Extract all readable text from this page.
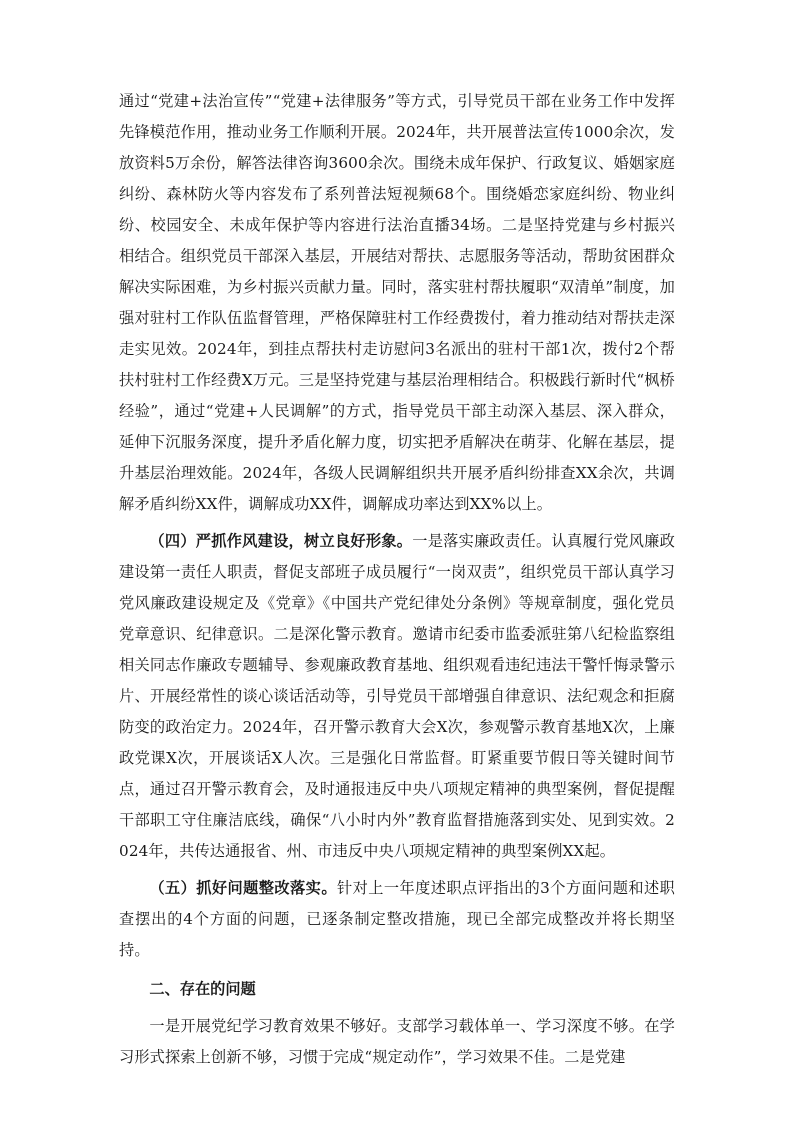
通过“党建+法治宣传”“党建+法律服务”等方式，引导党员干部在业务工作中发挥先锋模范作用，推动业务工作顺利开展。2024年，共开展普法宣传1000余次，发放资料5万余份，解答法律咨询3600余次。围绕未成年保护、行政复议、婚姻家庭纠纷、森林防火等内容发布了系列普法短视频68个。围绕婚恋家庭纠纷、物业纠纷、校园安全、未成年保护等内容进行法治直播34场。二是坚持党建与乡村振兴相结合。组织党员干部深入基层，开展结对帮扶、志愿服务等活动，帮助贫困群众解决实际困难，为乡村振兴贡献力量。同时，落实驻村帮扶履职“双清单”制度，加强对驻村工作队伍监督管理，严格保障驻村工作经费拨付，着力推动结对帮扶走深走实见效。2024年，到挂点帮扶村走访慰问3名派出的驻村干部1次，拨付2个帮扶村驻村工作经费X万元。三是坚持党建与基层治理相结合。积极践行新时代“枫桥经验”，通过“党建+人民调解”的方式，指导党员干部主动深入基层、深入群众，延伸下沉服务深度，提升矛盾化解力度，切实把矛盾解决在萌芽、化解在基层，提升基层治理效能。2024年，各级人民调解组织共开展矛盾纠纷排查XX余次，共调解矛盾纠纷XX件，调解成功XX件，调解成功率达到XX%以上。

（四）严抓作风建设，树立良好形象。一是落实廉政责任。认真履行党风廉政建设第一责任人职责，督促支部班子成员履行“一岗双责”，组织党员干部认真学习党风廉政建设规定及《党章》《中国共产党纪律处分条例》等规章制度，强化党员党章意识、纪律意识。二是深化警示教育。邀请市纪委市监委派驻第八纪检监察组相关同志作廉政专题辅导、参观廉政教育基地、组织观看违纪违法干警忏悔录警示片、开展经常性的谈心谈话活动等，引导党员干部增强自律意识、法纪观念和拒腐防变的政治定力。2024年，召开警示教育大会X次，参观警示教育基地X次，上廉政党课X次，开展谈话X人次。三是强化日常监督。盯紧重要节假日等关键时间节点，通过召开警示教育会，及时通报违反中央八项规定精神的典型案例，督促提醒干部职工守住廉洁底线，确保“八小时内外”教育监督措施落到实处、见到实效。2024年，共传达通报省、州、市违反中央八项规定精神的典型案例XX起。

（五）抓好问题整改落实。针对上一年度述职点评指出的3个方面问题和述职查摆出的4个方面的问题，已逐条制定整改措施，现已全部完成整改并将长期坚持。

二、存在的问题

一是开展党纪学习教育效果不够好。支部学习载体单一、学习深度不够。在学习形式探索上创新不够，习惯于完成“规定动作”，学习效果不佳。二是党建
